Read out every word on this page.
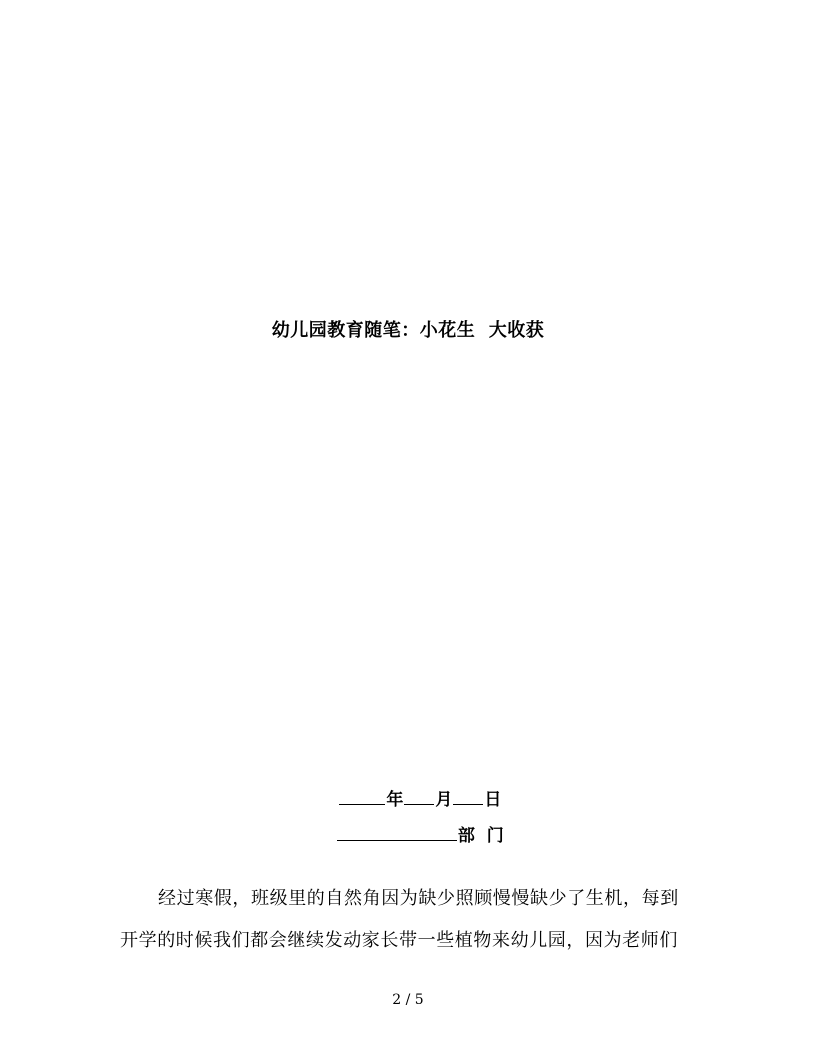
幼儿园教育随笔：小花生  大收获

年 月 日

部  门

经过寒假，班级里的自然角因为缺少照顾慢慢缺少了生机，每到
开学的时候我们都会继续发动家长带一些植物来幼儿园，因为老师们
2 / 5
